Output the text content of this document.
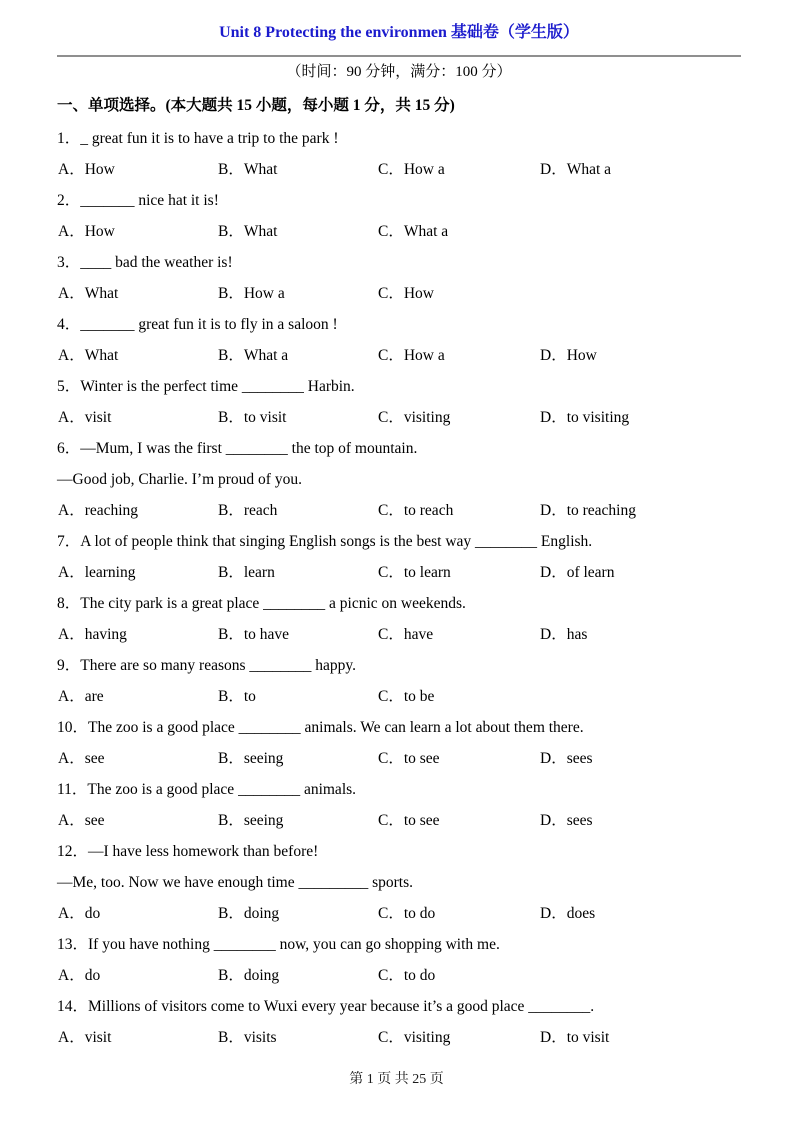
Unit 8 Protecting the environmen 基础卷（学生版）
（时间：90 分钟，满分：100 分）
一、单项选择。(本大题共 15 小题，每小题 1 分，共 15 分)
1．_ great fun it is to have a trip to the park !
A．How	B．What	C．How a	D．What a
2．_______ nice hat it is!
A．How	B．What	C．What a
3．____ bad the weather is!
A．What	B．How a	C．How
4．_______ great fun it is to fly in a saloon !
A．What	B．What a	C．How a	D．How
5．Winter is the perfect time ________ Harbin.
A．visit	B．to visit	C．visiting	D．to visiting
6．—Mum, I was the first ________ the top of mountain.
—Good job, Charlie. I’m proud of you.
A．reaching	B．reach	C．to reach	D．to reaching
7．A lot of people think that singing English songs is the best way ________ English.
A．learning	B．learn	C．to learn	D．of learn
8．The city park is a great place ________ a picnic on weekends.
A．having	B．to have	C．have	D．has
9．There are so many reasons ________ happy.
A．are	B．to	C．to be
10．The zoo is a good place ________ animals. We can learn a lot about them there.
A．see	B．seeing	C．to see	D．sees
11．The zoo is a good place ________ animals.
A．see	B．seeing	C．to see	D．sees
12．—I have less homework than before!
—Me, too. Now we have enough time _________ sports.
A．do	B．doing	C．to do	D．does
13．If you have nothing ________ now, you can go shopping with me.
A．do	B．doing	C．to do
14．Millions of visitors come to Wuxi every year because it’s a good place ________.
A．visit	B．visits	C．visiting	D．to visit
第 1 页 共 25 页
